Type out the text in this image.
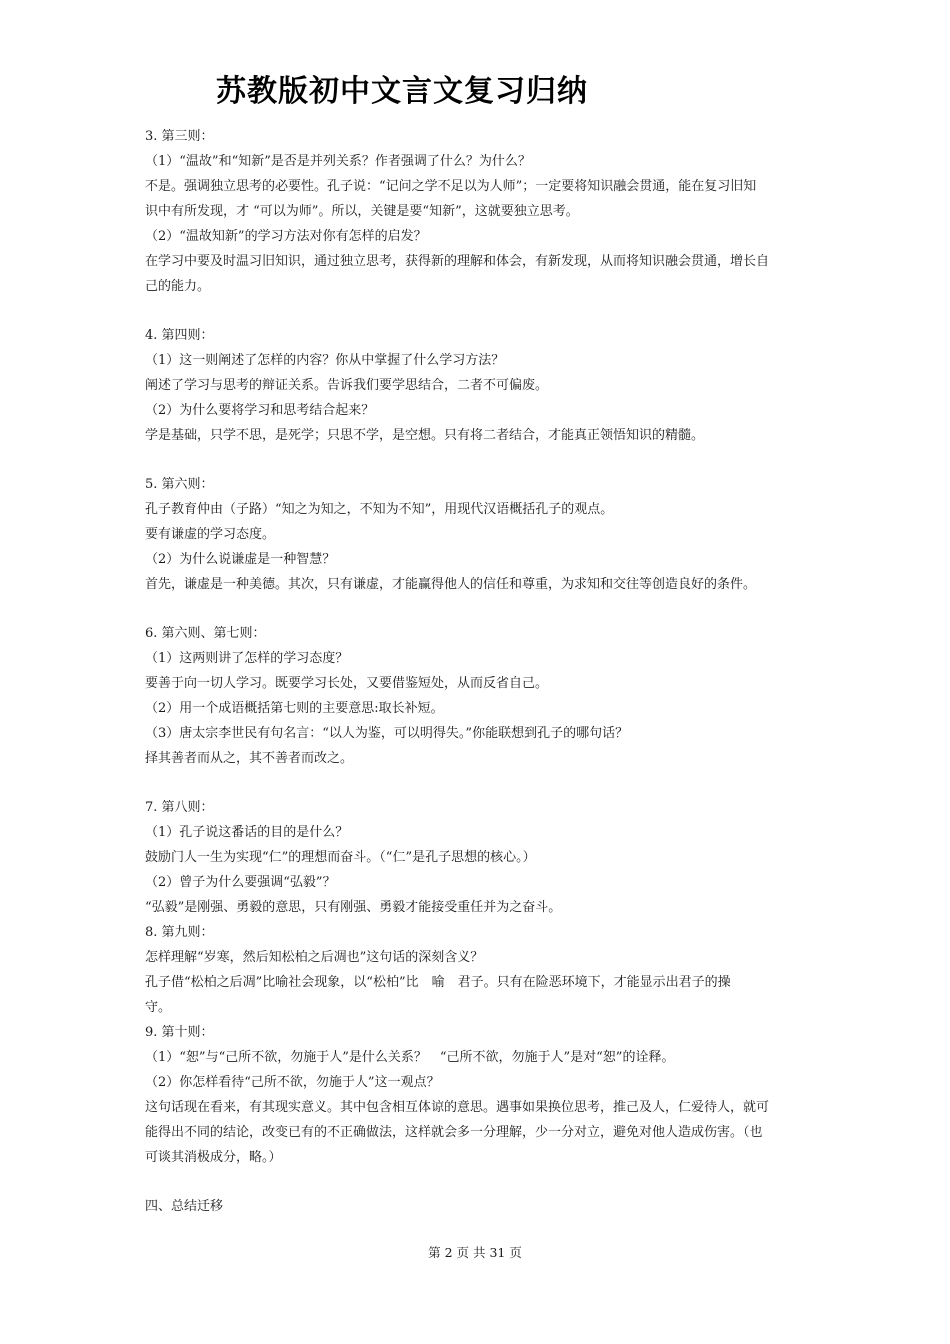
苏教版初中文言文复习归纳
3. 第三则：
（1）“温故”和“知新”是否是并列关系？作者强调了什么？为什么？
不是。强调独立思考的必要性。孔子说：“记问之学不足以为人师”；一定要将知识融会贯通，能在复习旧知
识中有所发现，才 “可以为师”。所以，关键是要“知新”，这就要独立思考。
（2）“温故知新”的学习方法对你有怎样的启发？
在学习中要及时温习旧知识，通过独立思考，获得新的理解和体会，有新发现，从而将知识融会贯通，增长自
己的能力。
4. 第四则：
（1）这一则阐述了怎样的内容？你从中掌握了什么学习方法？
阐述了学习与思考的辩证关系。告诉我们要学思结合，二者不可偏废。
（2）为什么要将学习和思考结合起来？
学是基础，只学不思，是死学；只思不学，是空想。只有将二者结合，才能真正领悟知识的精髓。
5. 第六则：
孔子教育仲由（子路）“知之为知之，不知为不知”，用现代汉语概括孔子的观点。
要有谦虚的学习态度。
（2）为什么说谦虚是一种智慧？
首先，谦虚是一种美德。其次，只有谦虚，才能赢得他人的信任和尊重，为求知和交往等创造良好的条件。
6. 第六则、第七则：
（1）这两则讲了怎样的学习态度？
要善于向一切人学习。既要学习长处，又要借鉴短处，从而反省自己。
（2）用一个成语概括第七则的主要意思:取长补短。
（3）唐太宗李世民有句名言：“以人为鉴，可以明得失。”你能联想到孔子的哪句话？
择其善者而从之，其不善者而改之。
7. 第八则：
（1）孔子说这番话的目的是什么？
鼓励门人一生为实现“仁”的理想而奋斗。（“仁”是孔子思想的核心。）
（2）曾子为什么要强调“弘毅”？
“弘毅”是刚强、勇毅的意思，只有刚强、勇毅才能接受重任并为之奋斗。
8. 第九则：
怎样理解“岁寒，然后知松柏之后凋也”这句话的深刻含义？
孔子借“松柏之后凋”比喻社会现象，以“松柏”比　喻　君子。只有在险恶环境下，才能显示出君子的操
守。
9. 第十则：
（1）“恕”与“己所不欲，勿施于人”是什么关系？　“己所不欲，勿施于人”是对“恕”的诠释。
（2）你怎样看待“己所不欲，勿施于人”这一观点？
这句话现在看来，有其现实意义。其中包含相互体谅的意思。遇事如果换位思考，推己及人，仁爱待人，就可
能得出不同的结论，改变已有的不正确做法，这样就会多一分理解，少一分对立，避免对他人造成伤害。（也
可谈其消极成分，略。）
四、总结迁移
第 2 页 共 31 页
